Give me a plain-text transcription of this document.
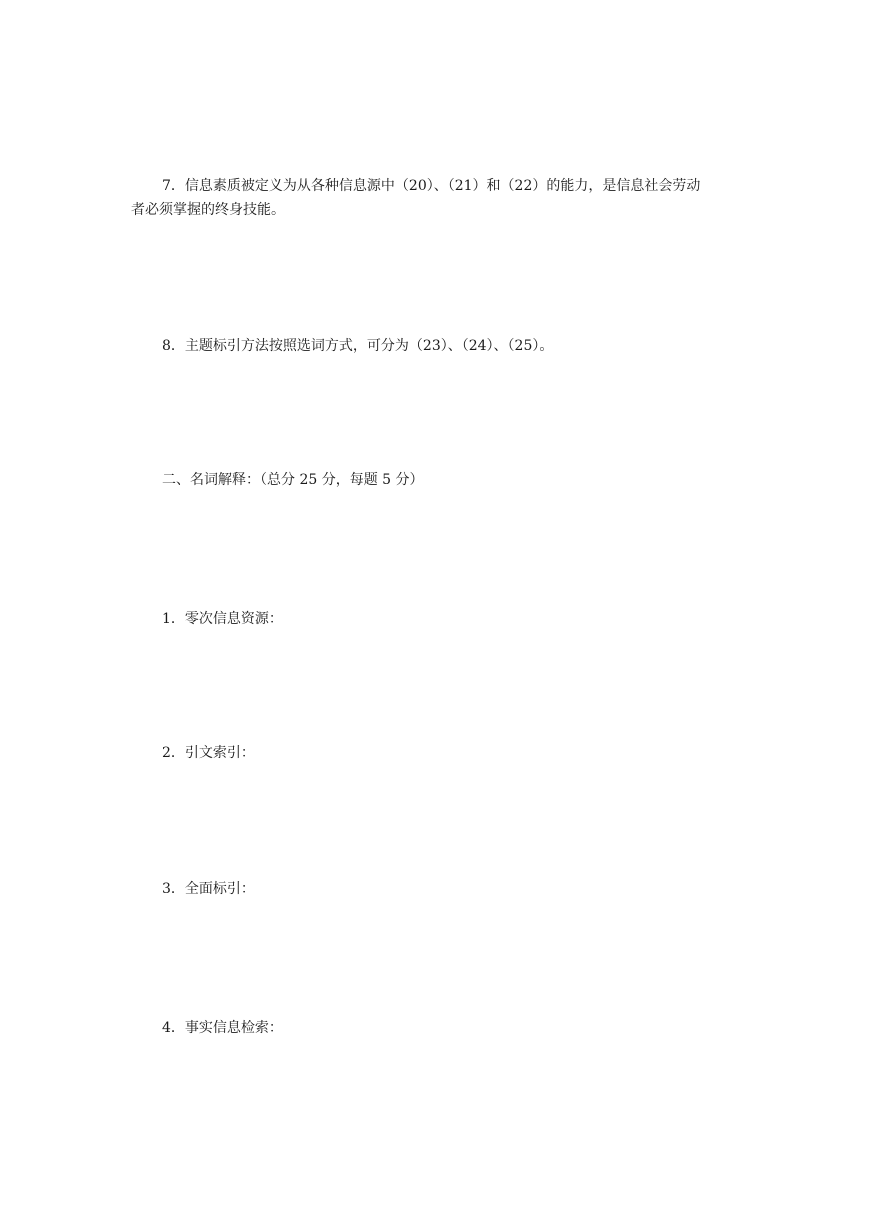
7．信息素质被定义为从各种信息源中（20）、（21）和（22）的能力，是信息社会劳动
者必须掌握的终身技能。

8．主题标引方法按照选词方式，可分为（23）、（24）、（25）。

二、名词解释：（总分 25 分，每题 5 分）

1．零次信息资源：

2．引文索引：

3．全面标引：

4．事实信息检索：
